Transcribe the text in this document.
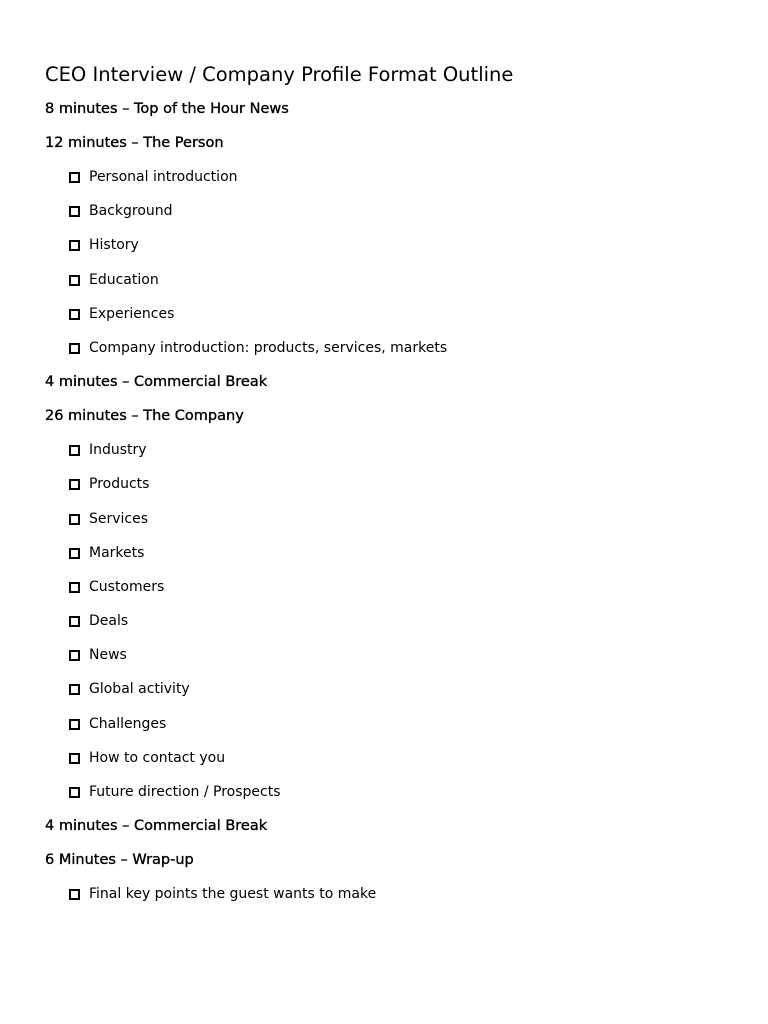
CEO Interview / Company Profile Format Outline
8 minutes – Top of the Hour News
12 minutes – The Person
Personal introduction
Background
History
Education
Experiences
Company introduction: products, services, markets
4 minutes – Commercial Break
26 minutes – The Company
Industry
Products
Services
Markets
Customers
Deals
News
Global activity
Challenges
How to contact you
Future direction / Prospects
4 minutes – Commercial Break
6 Minutes – Wrap-up
Final key points the guest wants to make
